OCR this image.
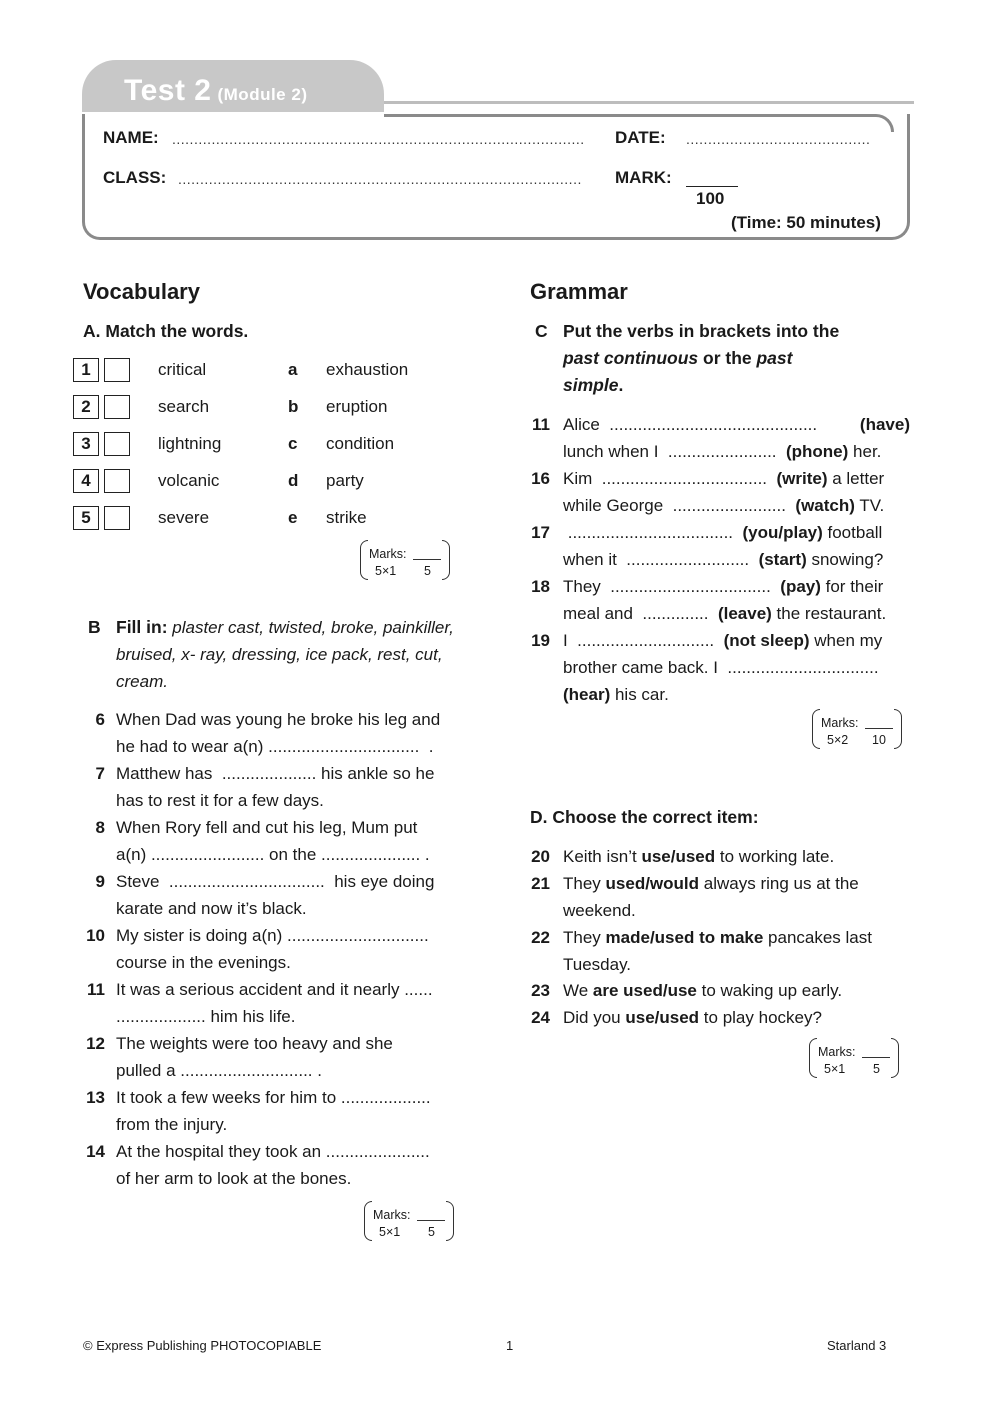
Test 2 (Module 2)
NAME: .............................................................................................. DATE: ..........................................
CLASS: ............................................................................................ MARK:
100
(Time: 50 minutes)
Vocabulary
A. Match the words.
1	critical	a exhaustion
2	search	b eruption
3	lightning	c condition
4	volcanic	d party
5	severe	e strike
Marks:
5×1 5
B Fill in: plaster cast, twisted, broke, painkiller, bruised, x- ray, dressing, ice pack, rest, cut, cream.
6 When Dad was young he broke his leg and
he had to wear a(n) ................................  .
7 Matthew has  .................... his ankle so he
has to rest it for a few days.
8 When Rory fell and cut his leg, Mum put
a(n) ........................ on the ..................... .
9 Steve  .................................  his eye doing
karate and now it’s black.
10 My sister is doing a(n) ..............................
course in the evenings.
11 It was a serious accident and it nearly ......
................... him his life.
12 The weights were too heavy and she
pulled a ............................ .
13 It took a few weeks for him to ...................
from the injury.
14 At the hospital they took an ......................
of her arm to look at the bones.
Marks:
5×1 5
Grammar
C Put the verbs in brackets into the
past continuous or the past
simple.
11 Alice  ............................................	(have)
lunch when I  .......................  (phone) her.
16 Kim  ...................................  (write) a letter
while George  ........................  (watch) TV.
17 ...................................  (you/play) football
when it  ..........................  (start) snowing?
18 They  ..................................  (pay) for their
meal and  ..............  (leave) the restaurant.
19 I  .............................  (not sleep) when my
brother came back. I  ................................
(hear) his car.
Marks:
5×2 10
D. Choose the correct item:
20 Keith isn’t use/used to working late.
21 They used/would always ring us at the
weekend.
22 They made/used to make pancakes last
Tuesday.
23 We are used/use to waking up early.
24 Did you use/used to play hockey?
Marks:
5×1 5
© Express Publishing PHOTOCOPIABLE	1	Starland 3
